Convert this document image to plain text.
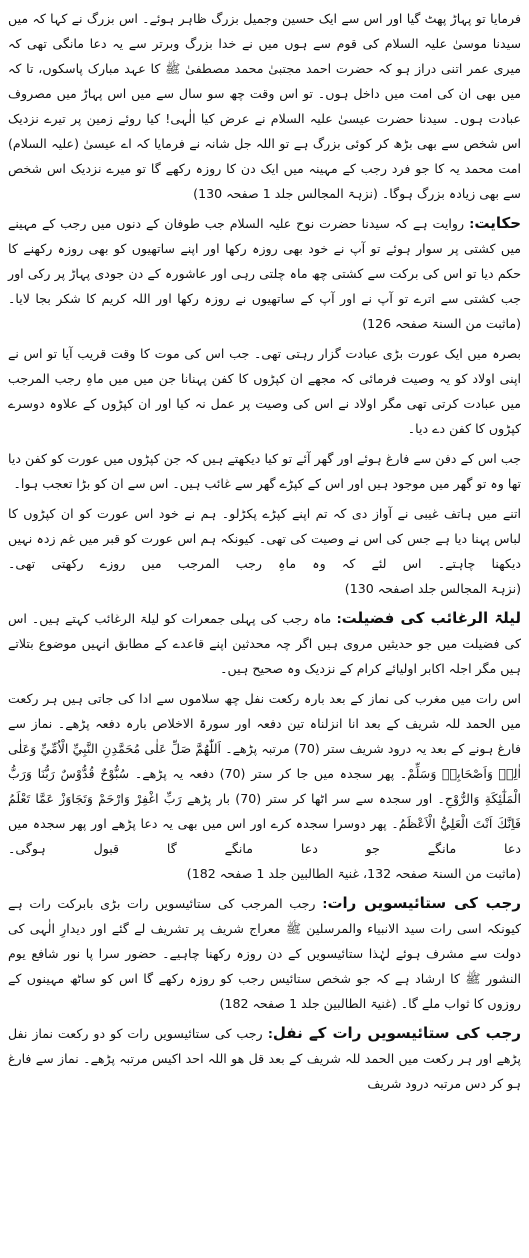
فرمایا تو پہاڑ پھٹ گیا اور اس سے ایک حسین وجمیل بزرگ ظاہر ہوئے۔ اس بزرگ نے کہا کہ میں سیدنا موسیٰ علیہ السلام کی قوم سے ہوں میں نے خدا بزرگ وبرتر سے یہ دعا مانگی تھی کہ میری عمر اتنی دراز ہو کہ حضرت احمد مجتبیٰ محمد مصطفیٰ ﷺ کا عہد مبارک پاسکوں، تا کہ میں بھی ان کی امت میں داخل ہوں۔ تو اس وقت چھ سو سال سے میں اس پہاڑ میں مصروف عبادت ہوں۔ سیدنا حضرت عیسیٰ علیہ السلام نے عرض کیا الٰہی! کیا روئے زمین پر تیرے نزدیک اس شخص سے بھی بڑھ کر کوئی بزرگ ہے تو اللہ جل شانہ نے فرمایا کہ اے عیسیٰ (علیہ السلام) امت محمد یہ کا جو فرد رجب کے مہینہ میں ایک دن کا روزہ رکھے گا تو میرے نزدیک اس شخص سے بھی زیادہ بزرگ ہوگا۔ (نزہۃ المجالس جلد 1 صفحہ 130)

حکایت: روایت ہے کہ سیدنا حضرت نوح علیہ السلام جب طوفان کے دنوں میں رجب کے مہینے میں کشتی پر سوار ہوئے تو آپ نے خود بھی روزہ رکھا اور اپنے ساتھیوں کو بھی روزہ رکھنے کا حکم دیا تو اس کی برکت سے کشتی چھ ماہ چلتی رہی اور عاشورہ کے دن جودی پہاڑ پر رکی اور جب کشتی سے اترے تو آپ نے اور آپ کے ساتھیوں نے روزہ رکھا اور اللہ کریم کا شکر بجا لایا۔ (ماثبت من السنۃ صفحہ 126)

بصرہ میں ایک عورت بڑی عبادت گزار رہتی تھی۔ جب اس کی موت کا وقت قریب آیا تو اس نے اپنی اولاد کو یہ وصیت فرمائی کہ مجھے ان کپڑوں کا کفن پہنانا جن میں میں ماہِ رجب المرجب میں عبادت کرتی تھی مگر اولاد نے اس کی وصیت پر عمل نہ کیا اور ان کپڑوں کے علاوہ دوسرے کپڑوں کا کفن دے دیا۔

جب اس کے دفن سے فارغ ہوئے اور گھر آئے تو کیا دیکھتے ہیں کہ جن کپڑوں میں عورت کو کفن دیا تھا وہ تو گھر میں موجود ہیں اور اس کے کپڑے گھر سے غائب ہیں۔ اس سے ان کو بڑا تعجب ہوا۔

اتنے میں ہاتف غیبی نے آواز دی کہ تم اپنے کپڑے پکڑلو۔ ہم نے خود اس عورت کو ان کپڑوں کا لباس پہنا دیا ہے جس کی اس نے وصیت کی تھی۔ کیونکہ ہم اس عورت کو قبر میں غم زدہ نہیں دیکھنا چاہتے۔ اس لئے کہ وہ ماہِ رجب المرجب میں روزے رکھتی تھی۔ (نزہۃ المجالس جلد اصفحہ 130)

لیلۃ الرغائب کی فضیلت: ماہ رجب کی پہلی جمعرات کو لیلۃ الرغائب کہتے ہیں۔ اس کی فضیلت میں جو حدیثیں مروی ہیں اگر چہ محدثین اپنے قاعدے کے مطابق انہیں موضوع بتلاتے ہیں مگر اجلہ اکابر اولیائے کرام کے نزدیک وہ صحیح ہیں۔

اس رات میں مغرب کی نماز کے بعد بارہ رکعت نفل چھ سلاموں سے ادا کی جاتی ہیں ہر رکعت میں الحمد للہ شریف کے بعد انا انزلناہ تین دفعہ اور سورۃ الاخلاص بارہ دفعہ پڑھے۔ نماز سے فارغ ہونے کے بعد یہ درود شریف ستر (70) مرتبہ پڑھے۔ اَللّٰهُمَّ صَلِّ عَلٰى مُحَمَّدِنِ النَّبِيِّ الْاُمِّيِّ وَعَلٰى اٰلِهٖ وَاَصْحَابِهٖ وَسَلِّمْ۔ پھر سجدہ میں جا کر ستر (70) دفعہ یہ پڑھے۔ سُبُّوْحٌ قُدُّوْسٌ رَبُّنَا وَرَبُّ الْمَلٰٓئِكَةِ وَالرُّوْحِ۔ اور سجدہ سے سر اٹھا کر ستر (70) بار پڑھے رَبِّ اغْفِرْ وَارْحَمْ وَتَجَاوَزْ عَمَّا تَعْلَمُ فَاِنَّكَ اَنْتَ الْعَلِيُّ الْاَعْظَمُ۔ پھر دوسرا سجدہ کرے اور اس میں بھی یہ دعا پڑھے اور پھر سجدہ میں دعا مانگے جو دعا مانگے گا قبول ہوگی۔ (ماثبت من السنۃ صفحہ 132، غنیۃ الطالبین جلد 1 صفحہ 182)

رجب کی ستائیسویں رات: رجب المرجب کی ستائیسویں رات بڑی بابرکت رات ہے کیونکہ اسی رات سید الانبیاء والمرسلین ﷺ معراج شریف پر تشریف لے گئے اور دیدارِ الٰہی کی دولت سے مشرف ہوئے لہٰذا ستائیسویں کے دن روزہ رکھنا چاہیے۔ حضور سرا پا نور شافع یوم النشور ﷺ کا ارشاد ہے کہ جو شخص ستائیس رجب کو روزہ رکھے گا اس کو ساٹھ مہینوں کے روزوں کا ثواب ملے گا۔ (غنیۃ الطالبین جلد 1 صفحہ 182)

رجب کی ستائیسویں رات کے نفل: رجب کی ستائیسویں رات کو دو رکعت نماز نفل پڑھے اور ہر رکعت میں الحمد للہ شریف کے بعد قل ھو اللہ احد اکیس مرتبہ پڑھے۔ نماز سے فارغ ہو کر دس مرتبہ درود شریف
